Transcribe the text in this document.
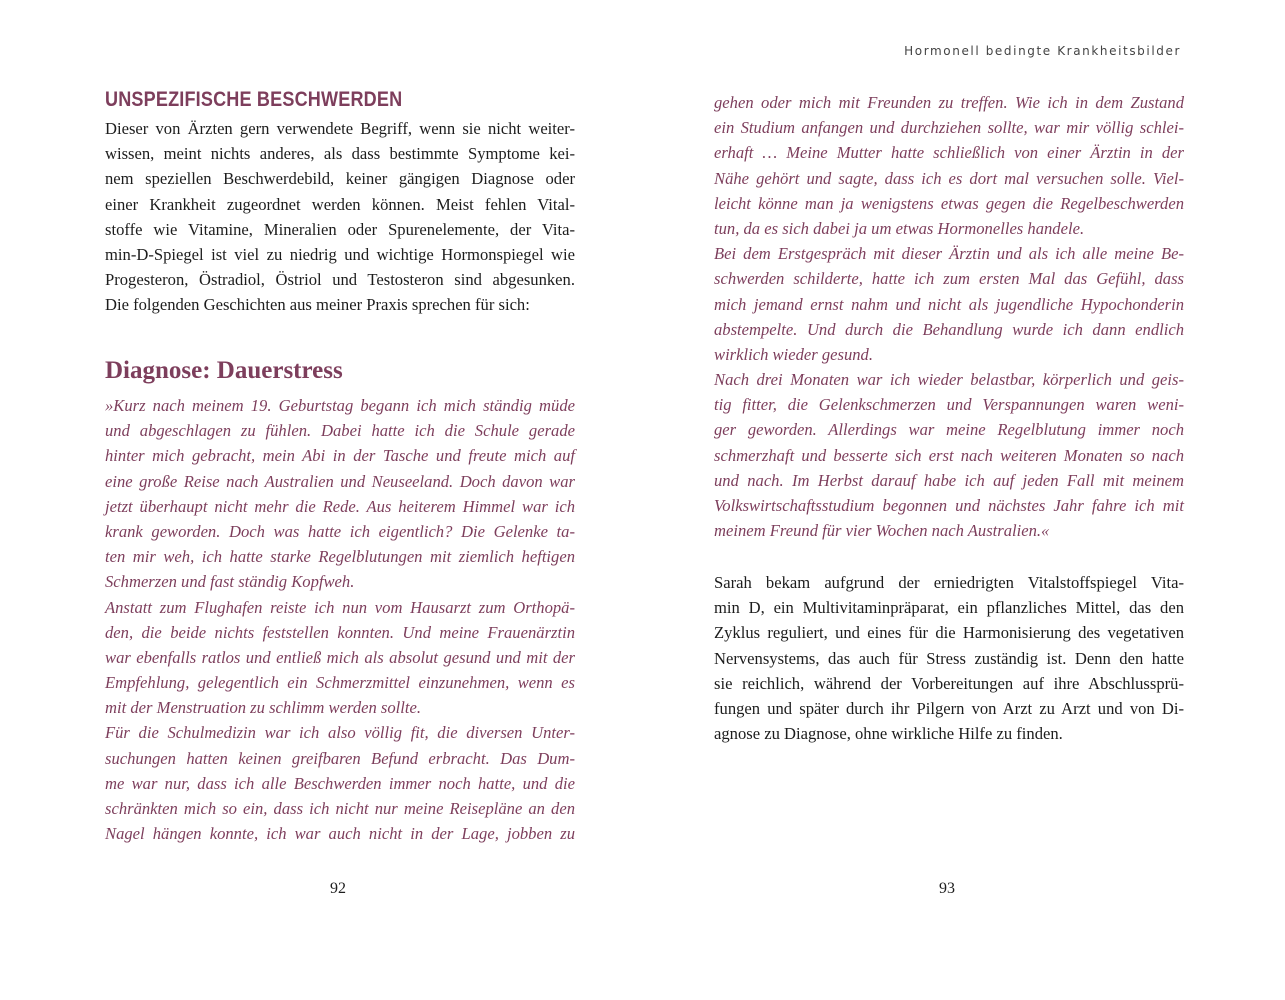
UNSPEZIFISCHE BESCHWERDEN
Dieser von Ärzten gern verwendete Begriff, wenn sie nicht weiter-
wissen, meint nichts anderes, als dass bestimmte Symptome kei-
nem speziellen Beschwerdebild, keiner gängigen Diagnose oder
einer Krankheit zugeordnet werden können. Meist fehlen Vital-
stoffe wie Vitamine, Mineralien oder Spurenelemente, der Vita-
min-D-Spiegel ist viel zu niedrig und wichtige Hormonspiegel wie
Progesteron, Östradiol, Östriol und Testosteron sind abgesunken.
Die folgenden Geschichten aus meiner Praxis sprechen für sich:
Diagnose: Dauerstress
»Kurz nach meinem 19. Geburtstag begann ich mich ständig müde
und abgeschlagen zu fühlen. Dabei hatte ich die Schule gerade
hinter mich gebracht, mein Abi in der Tasche und freute mich auf
eine große Reise nach Australien und Neuseeland. Doch davon war
jetzt überhaupt nicht mehr die Rede. Aus heiterem Himmel war ich
krank geworden. Doch was hatte ich eigentlich? Die Gelenke ta-
ten mir weh, ich hatte starke Regelblutungen mit ziemlich heftigen
Schmerzen und fast ständig Kopfweh.
Anstatt zum Flughafen reiste ich nun vom Hausarzt zum Orthopä-
den, die beide nichts feststellen konnten. Und meine Frauenärztin
war ebenfalls ratlos und entließ mich als absolut gesund und mit der
Empfehlung, gelegentlich ein Schmerzmittel einzunehmen, wenn es
mit der Menstruation zu schlimm werden sollte.
Für die Schulmedizin war ich also völlig fit, die diversen Unter-
suchungen hatten keinen greifbaren Befund erbracht. Das Dum-
me war nur, dass ich alle Beschwerden immer noch hatte, und die
schränkten mich so ein, dass ich nicht nur meine Reisepläne an den
Nagel hängen konnte, ich war auch nicht in der Lage, jobben zu
92
Hormonell bedingte Krankheitsbilder
gehen oder mich mit Freunden zu treffen. Wie ich in dem Zustand
ein Studium anfangen und durchziehen sollte, war mir völlig schlei-
erhaft … Meine Mutter hatte schließlich von einer Ärztin in der
Nähe gehört und sagte, dass ich es dort mal versuchen solle. Viel-
leicht könne man ja wenigstens etwas gegen die Regelbeschwerden
tun, da es sich dabei ja um etwas Hormonelles handele.
Bei dem Erstgespräch mit dieser Ärztin und als ich alle meine Be-
schwerden schilderte, hatte ich zum ersten Mal das Gefühl, dass
mich jemand ernst nahm und nicht als jugendliche Hypochonderin
abstempelte. Und durch die Behandlung wurde ich dann endlich
wirklich wieder gesund.
Nach drei Monaten war ich wieder belastbar, körperlich und geis-
tig fitter, die Gelenkschmerzen und Verspannungen waren weni-
ger geworden. Allerdings war meine Regelblutung immer noch
schmerzhaft und besserte sich erst nach weiteren Monaten so nach
und nach. Im Herbst darauf habe ich auf jeden Fall mit meinem
Volkswirtschaftsstudium begonnen und nächstes Jahr fahre ich mit
meinem Freund für vier Wochen nach Australien.«
Sarah bekam aufgrund der erniedrigten Vitalstoffspiegel Vita-
min D, ein Multivitaminpräparat, ein pflanzliches Mittel, das den
Zyklus reguliert, und eines für die Harmonisierung des vegetativen
Nervensystems, das auch für Stress zuständig ist. Denn den hatte
sie reichlich, während der Vorbereitungen auf ihre Abschlussprü-
fungen und später durch ihr Pilgern von Arzt zu Arzt und von Di-
agnose zu Diagnose, ohne wirkliche Hilfe zu finden.
93
